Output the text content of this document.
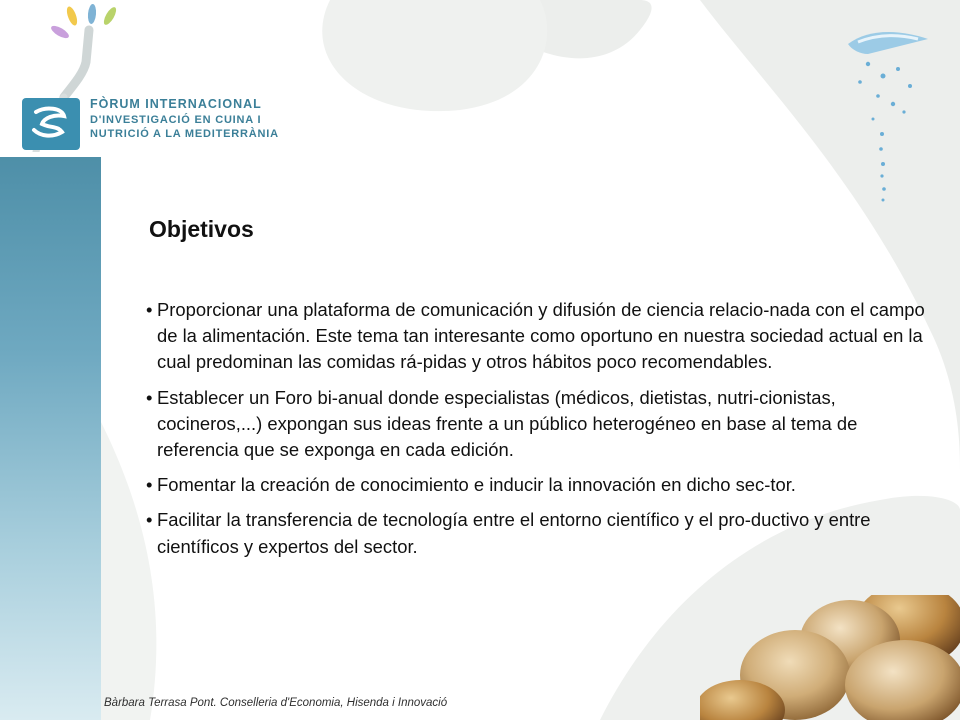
FÒRUM INTERNACIONAL
D'INVESTIGACIÓ EN CUINA I
NUTRICIÓ A LA MEDITERRÀNIA
Objetivos
• Proporcionar una plataforma de comunicación y difusión de ciencia relacio-nada con el campo de la alimentación. Este tema tan interesante como oportuno en nuestra sociedad actual en la cual predominan las comidas rá-pidas y otros hábitos poco recomendables.
• Establecer un Foro bi-anual donde especialistas (médicos, dietistas, nutri-cionistas, cocineros,...) expongan sus ideas frente a un público heterogéneo en base al tema de referencia que se exponga en cada edición.
• Fomentar la creación de conocimiento e inducir la innovación en dicho sec-tor.
• Facilitar la transferencia de tecnología entre el entorno científico y el pro-ductivo y entre científicos y expertos del sector.
Bàrbara Terrasa Pont. Conselleria d'Economia, Hisenda i Innovació
